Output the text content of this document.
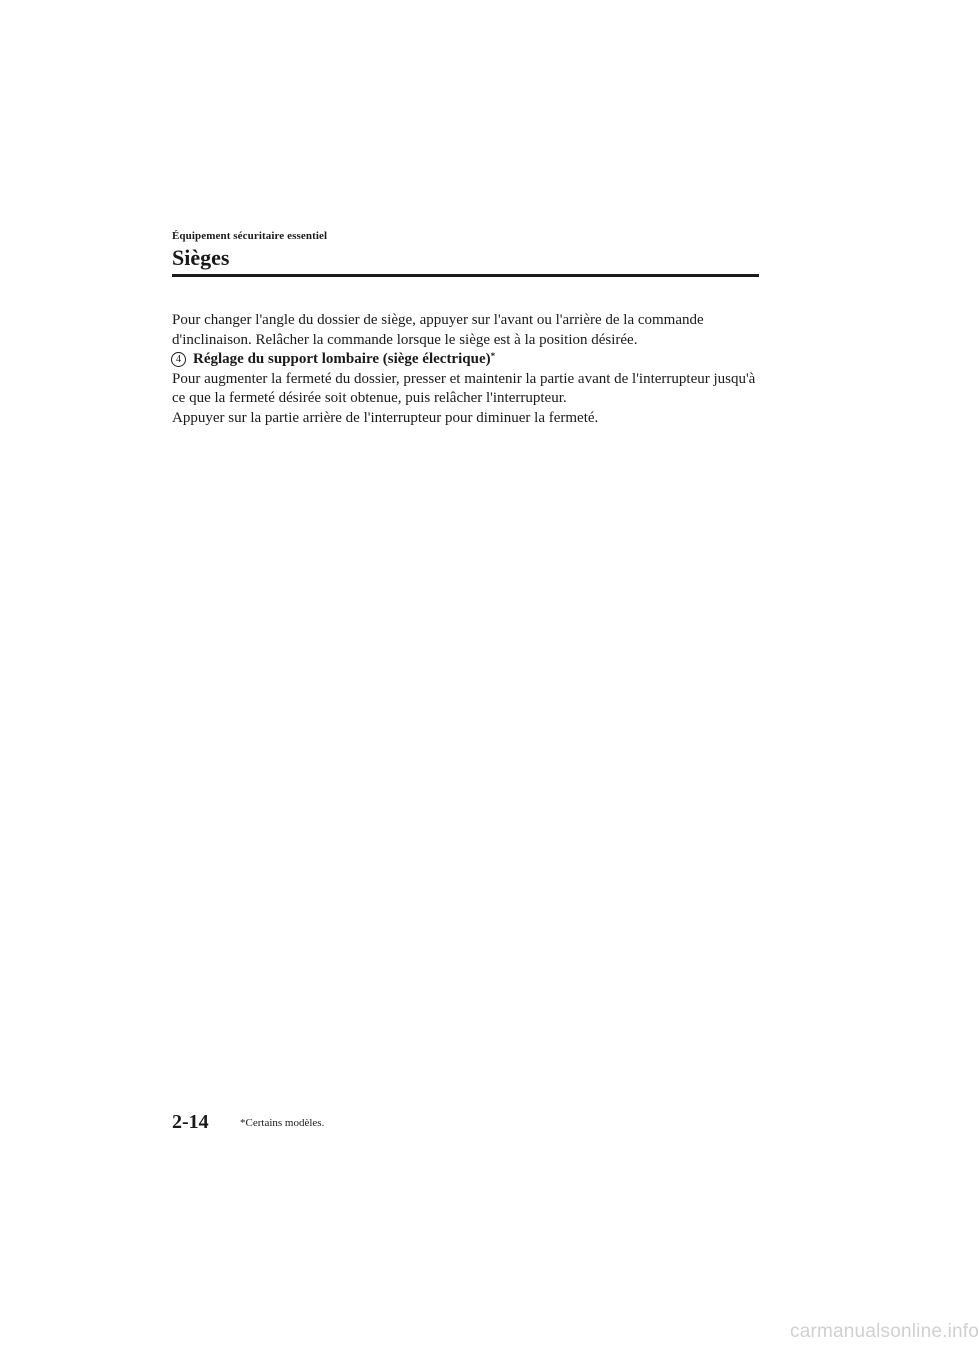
Équipement sécuritaire essentiel
Sièges

Pour changer l'angle du dossier de siège, appuyer sur l'avant ou l'arrière de la commande d'inclinaison. Relâcher la commande lorsque le siège est à la position désirée.

4 Réglage du support lombaire (siège électrique)*

Pour augmenter la fermeté du dossier, presser et maintenir la partie avant de l'interrupteur jusqu'à ce que la fermeté désirée soit obtenue, puis relâcher l'interrupteur.

Appuyer sur la partie arrière de l'interrupteur pour diminuer la fermeté.

2-14	*Certains modèles.
carmanualsonline.info
